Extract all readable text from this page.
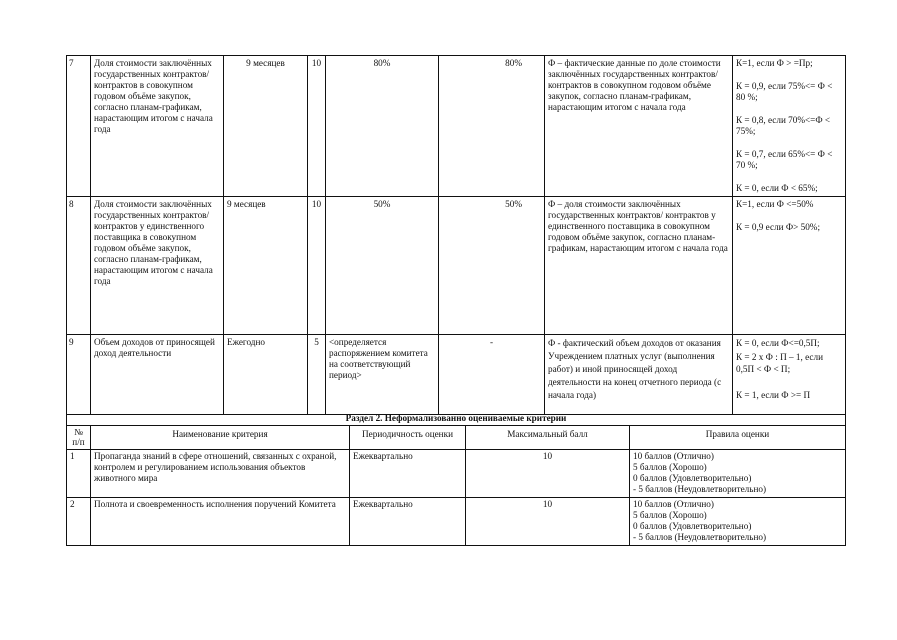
7	Доля стоимости заключённых государственных контрактов/контрактов в совокупном годовом объёме закупок, согласно планам-графикам, нарастающим итогом с начала года	9 месяцев	10	80%	80%	Ф – фактические данные по доле стоимости заключённых государственных контрактов/ контрактов в совокупном годовом объёме закупок, согласно планам-графикам, нарастающим итогом с начала года	К=1, если Ф > =Пр;

К = 0,9, если 75%<= Ф < 80 %;

К = 0,8, если 70%<=Ф < 75%;

К = 0,7, если 65%<= Ф < 70 %;

К = 0, если Ф < 65%;

8	Доля стоимости заключённых государственных контрактов/контрактов у единственного поставщика в совокупном годовом объёме закупок, согласно планам-графикам, нарастающим итогом с начала года	9 месяцев	10	50%	50%	Ф – доля стоимости заключённых государственных контрактов/ контрактов у единственного поставщика в совокупном годовом объёме закупок, согласно планам-графикам, нарастающим итогом с начала года	К=1, если Ф <=50%

К = 0,9 если Ф> 50%;

9	Объем доходов от приносящей доход деятельности	Ежегодно	5	<определяется распоряжением комитета на соответствующий период>	-	Ф - фактический объем доходов от оказания Учреждением платных услуг (выполнения работ) и иной приносящей доход деятельности на конец отчетного периода (с начала года)	К = 0, если Ф<=0,5П;

К = 2 х Ф : П – 1, если 0,5П < Ф < П;

К = 1, если Ф >= П

Раздел 2. Неформализованно оцениваемые критерии				
№ п/п	Наименование критерия	Периодичность оценки	Максимальный балл	Правила оценки
1	Пропаганда знаний в сфере отношений, связанных с охраной, контролем и регулированием использования объектов животного мира	Ежеквартально	10	10 баллов (Отлично)
5 баллов (Хорошо)
0 баллов (Удовлетворительно)
- 5 баллов (Неудовлетворительно)

2	Полнота и своевременность исполнения поручений Комитета	Ежеквартально	10	10 баллов (Отлично)
5 баллов (Хорошо)
0 баллов (Удовлетворительно)
- 5 баллов (Неудовлетворительно)
